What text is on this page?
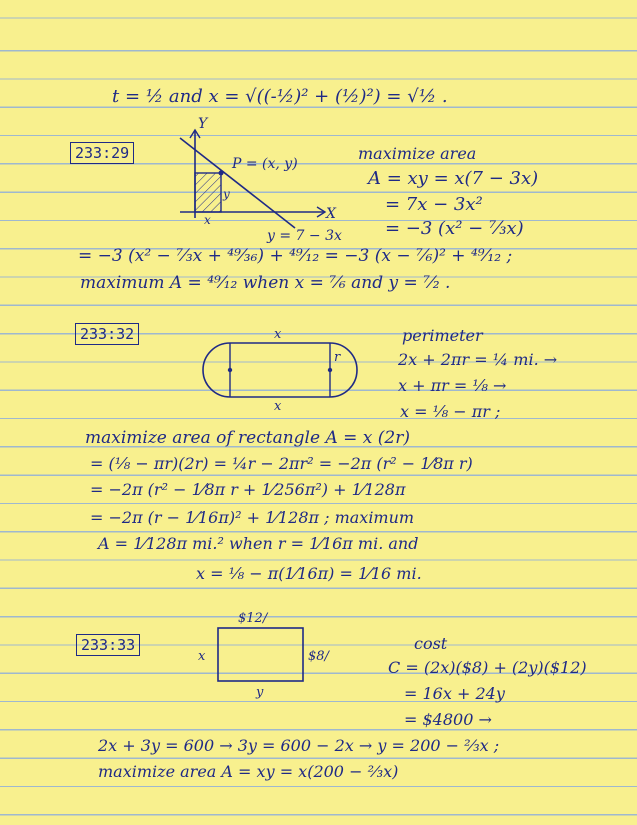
t = ½ and x = √((-½)² + (½)²) = √½ .
233:29
Y
X
P = (x, y)
y
x
y = 7 − 3x
maximize area
A = xy = x(7 − 3x)
= 7x − 3x²
= −3 (x² − ⁷⁄₃x)
= −3 (x² − ⁷⁄₃x + ⁴⁹⁄₃₆) + ⁴⁹⁄₁₂ = −3 (x − ⁷⁄₆)² + ⁴⁹⁄₁₂ ;
maximum A = ⁴⁹⁄₁₂ when x = ⁷⁄₆ and y = ⁷⁄₂ .
233:32	x
x
r
perimeter
2x + 2πr = ¼ mi. →
x + πr = ⅛ →
x = ⅛ − πr ;
maximize area of rectangle A = x (2r)
= (⅛ − πr)(2r) = ¼r − 2πr² = −2π (r² − 1⁄8π r)
= −2π (r² − 1⁄8π r + 1⁄256π²) + 1⁄128π
= −2π (r − 1⁄16π)² + 1⁄128π ; maximum
A = 1⁄128π mi.² when r = 1⁄16π mi. and
x = ⅛ − π(1⁄16π) = 1⁄16 mi.
233:33
$12/
$8/
x
y
cost
C = (2x)($8) + (2y)($12)
= 16x + 24y
= $4800 →
2x + 3y = 600 → 3y = 600 − 2x → y = 200 − ⅔x ;
maximize area A = xy = x(200 − ⅔x)
